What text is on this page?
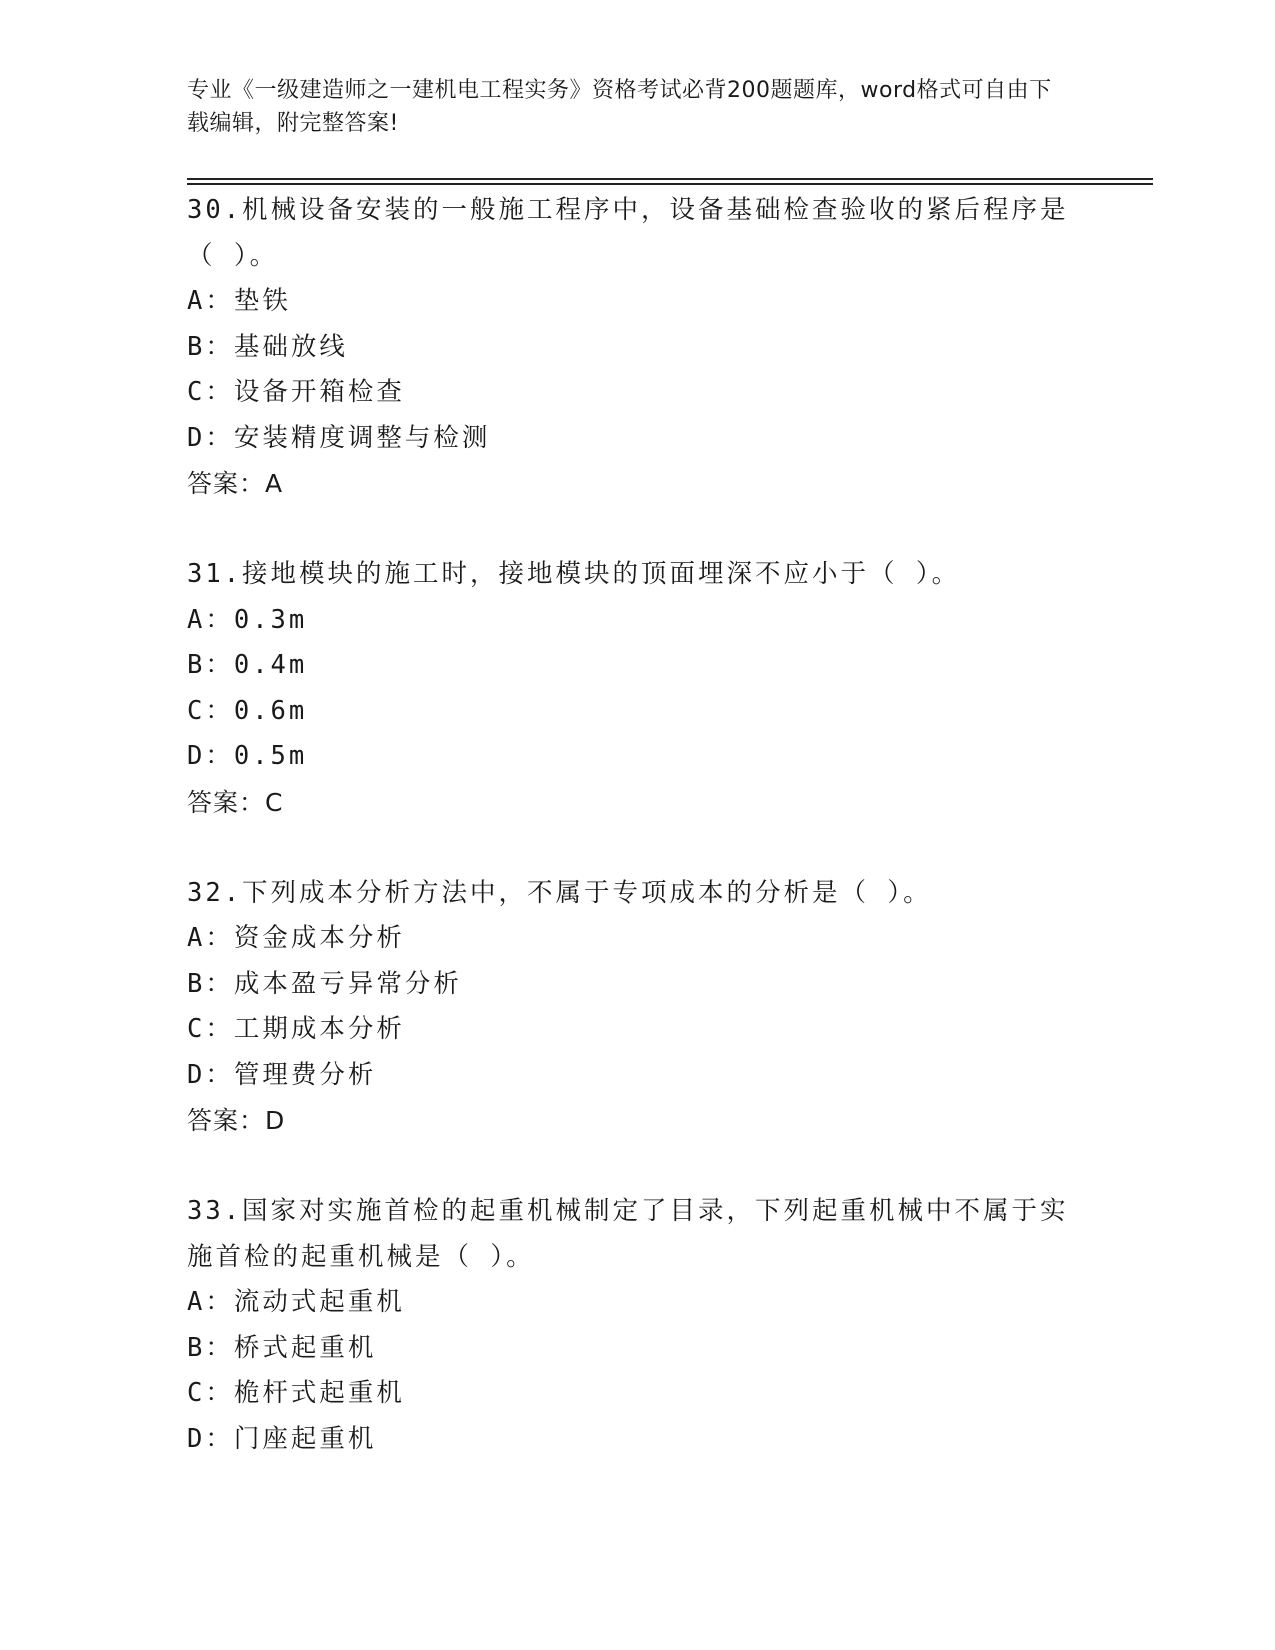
专业《一级建造师之一建机电工程实务》资格考试必背200题题库，word格式可自由下载编辑，附完整答案!
30.机械设备安装的一般施工程序中，设备基础检查验收的紧后程序是（ ）。
A：垫铁
B：基础放线
C：设备开箱检查
D：安装精度调整与检测
答案：A
31.接地模块的施工时，接地模块的顶面埋深不应小于（ ）。
A：0.3m
B：0.4m
C：0.6m
D：0.5m
答案：C
32.下列成本分析方法中，不属于专项成本的分析是（ ）。
A：资金成本分析
B：成本盈亏异常分析
C：工期成本分析
D：管理费分析
答案：D
33.国家对实施首检的起重机械制定了目录，下列起重机械中不属于实施首检的起重机械是（ ）。
A：流动式起重机
B：桥式起重机
C：桅杆式起重机
D：门座起重机
